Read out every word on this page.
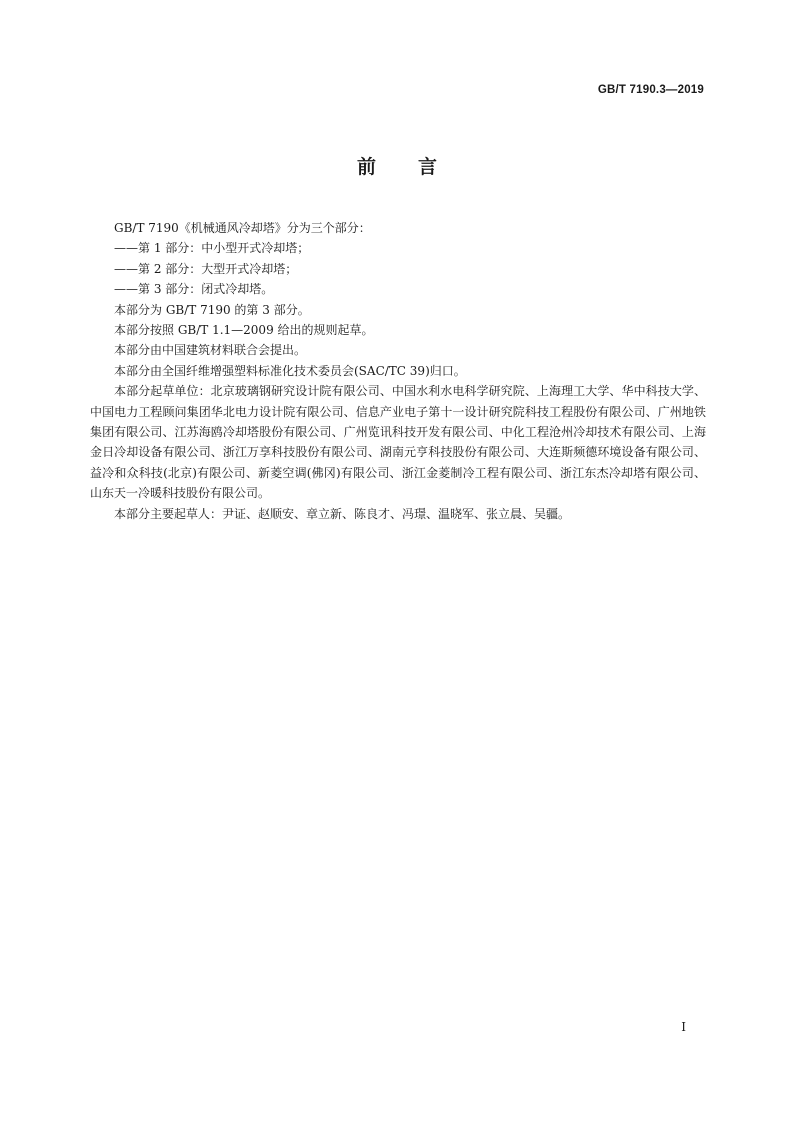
GB/T 7190.3—2019
前言

GB/T 7190《机械通风冷却塔》分为三个部分：

——第 1 部分：中小型开式冷却塔；

——第 2 部分：大型开式冷却塔；

——第 3 部分：闭式冷却塔。

本部分为 GB/T 7190 的第 3 部分。

本部分按照 GB/T 1.1—2009 给出的规则起草。

本部分由中国建筑材料联合会提出。

本部分由全国纤维增强塑料标准化技术委员会(SAC/TC 39)归口。

本部分起草单位：北京玻璃钢研究设计院有限公司、中国水利水电科学研究院、上海理工大学、华中科技大学、中国电力工程顾问集团华北电力设计院有限公司、信息产业电子第十一设计研究院科技工程股份有限公司、广州地铁集团有限公司、江苏海鸥冷却塔股份有限公司、广州览讯科技开发有限公司、中化工程沧州冷却技术有限公司、上海金日冷却设备有限公司、浙江万享科技股份有限公司、湖南元亨科技股份有限公司、大连斯频德环境设备有限公司、益冷和众科技(北京)有限公司、新菱空调(佛冈)有限公司、浙江金菱制冷工程有限公司、浙江东杰冷却塔有限公司、山东天一冷暖科技股份有限公司。

本部分主要起草人：尹证、赵顺安、章立新、陈良才、冯璟、温晓军、张立晨、吴疆。

I
